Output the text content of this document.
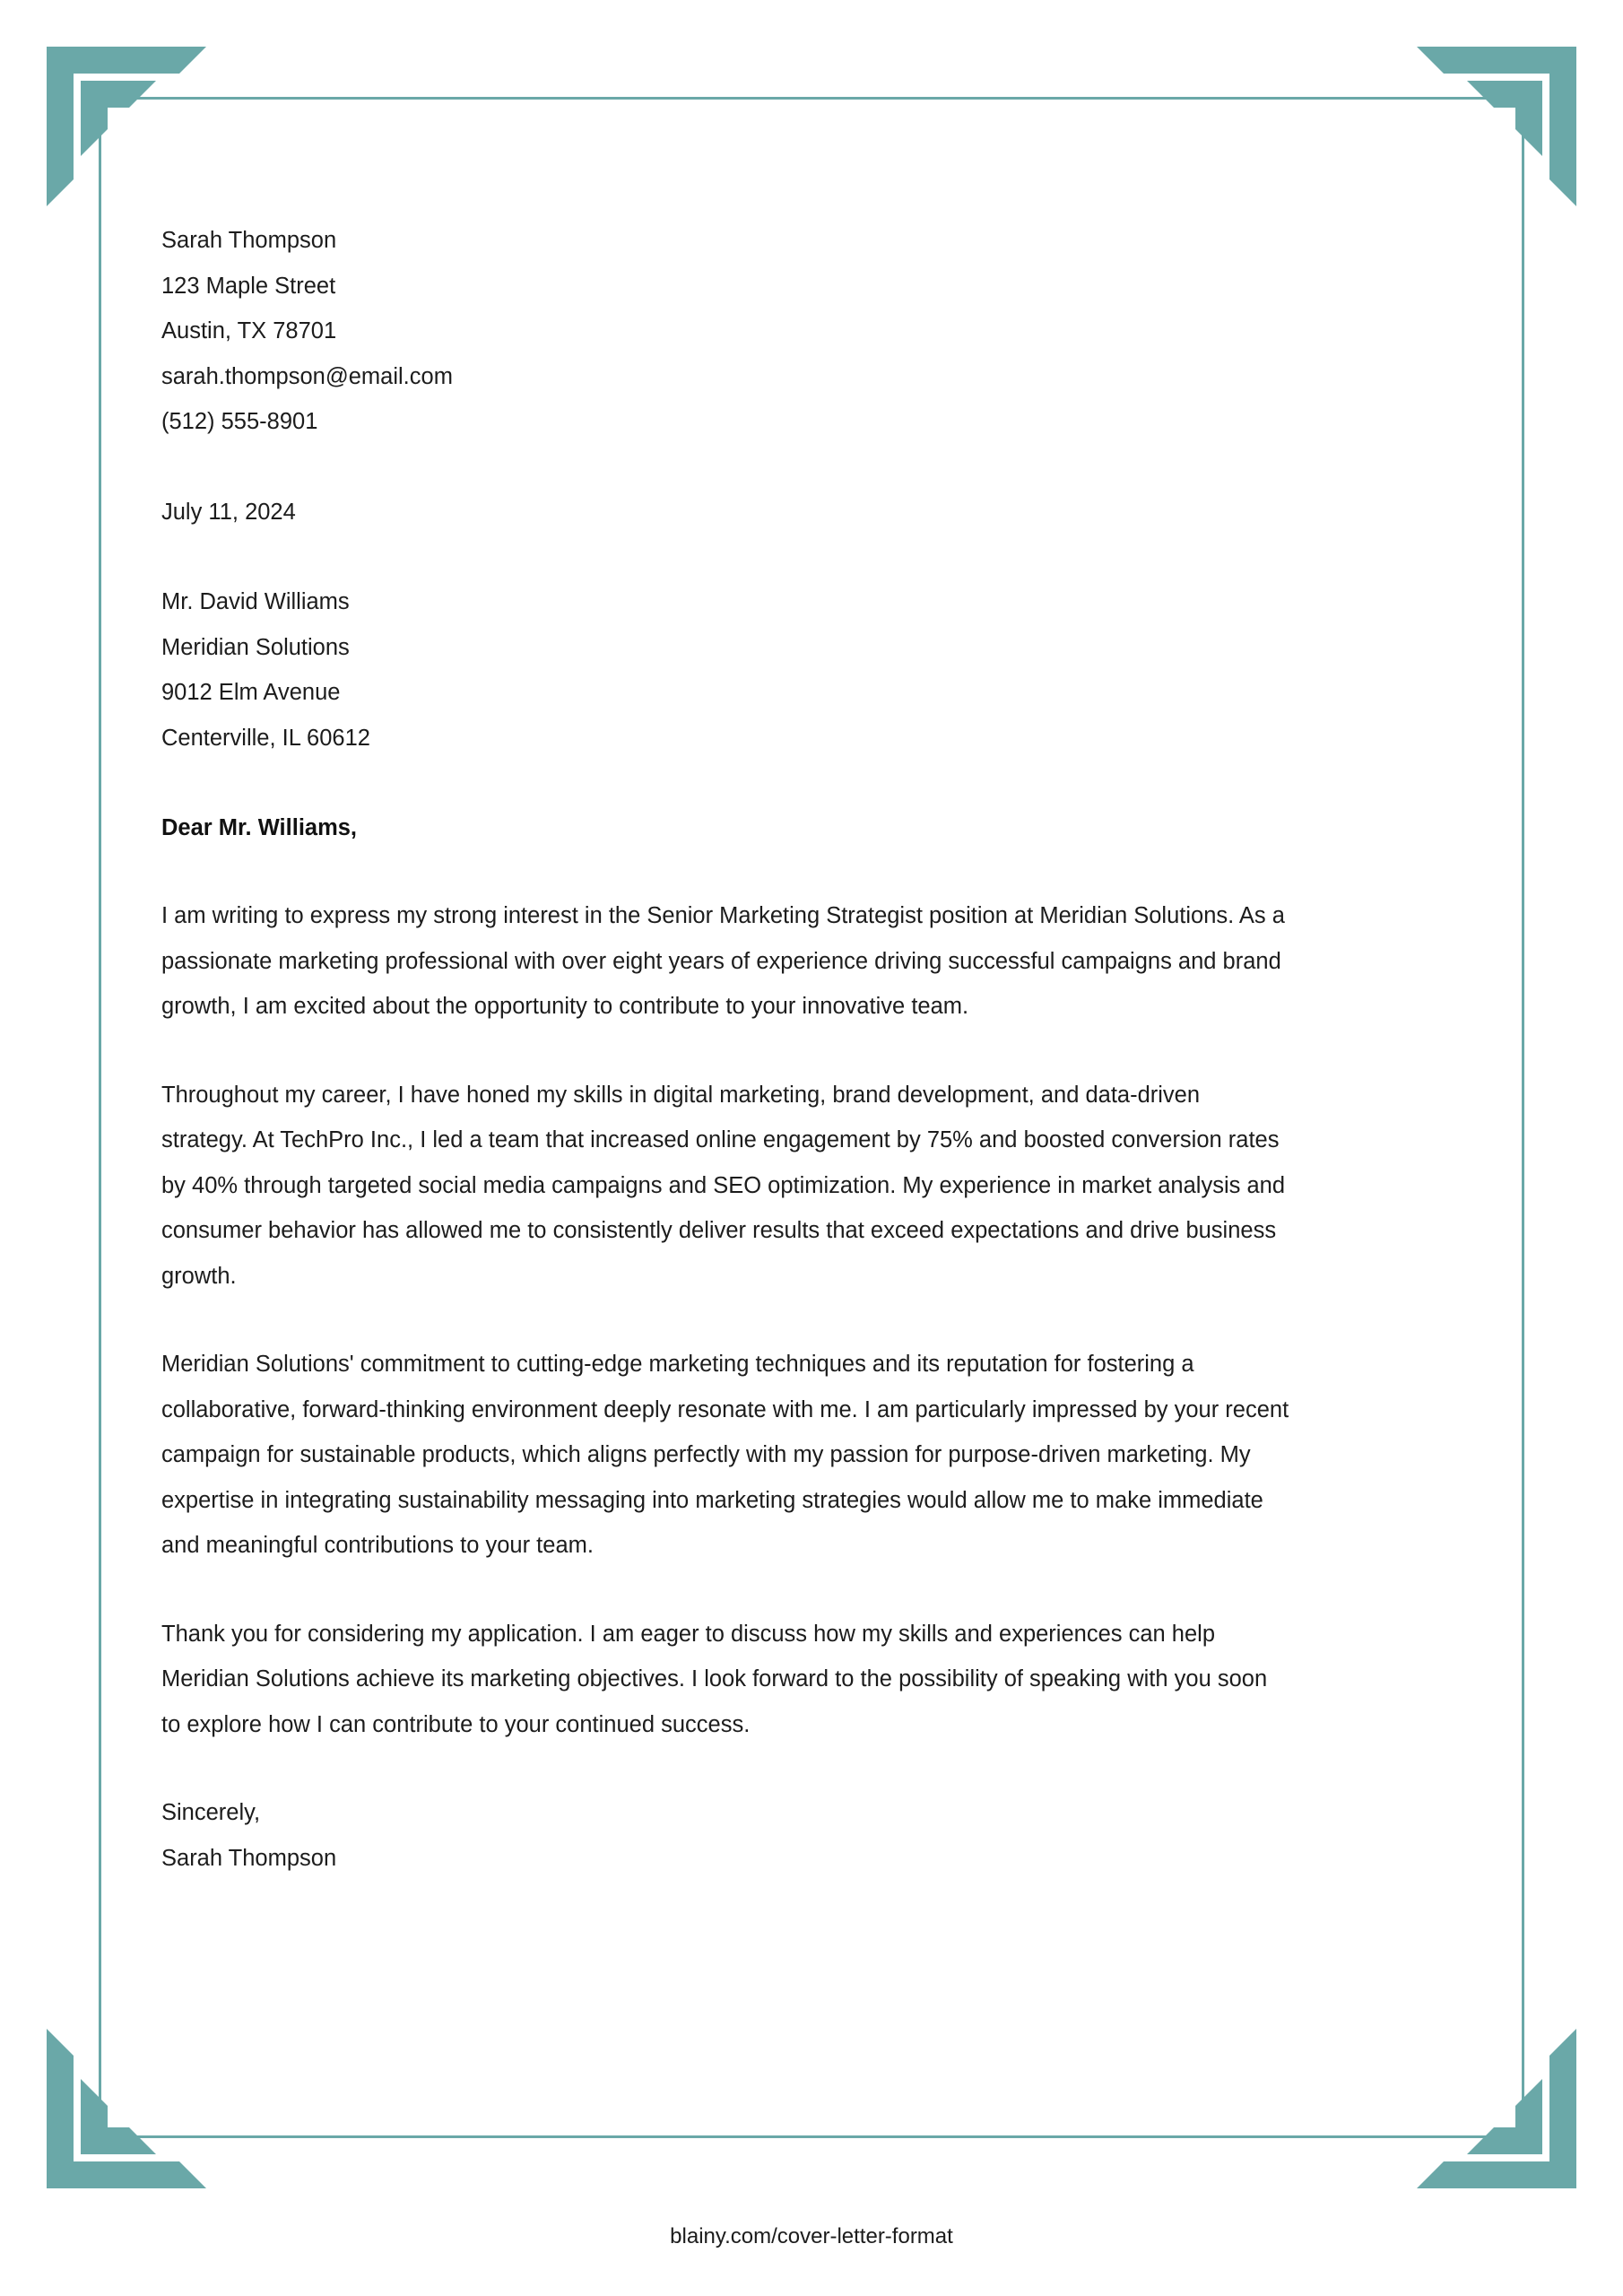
Sarah Thompson
123 Maple Street
Austin, TX 78701
sarah.thompson@email.com
(512) 555-8901
July 11, 2024
Mr. David Williams
Meridian Solutions
9012 Elm Avenue
Centerville, IL 60612
Dear Mr. Williams,
I am writing to express my strong interest in the Senior Marketing Strategist position at Meridian Solutions. As a passionate marketing professional with over eight years of experience driving successful campaigns and brand growth, I am excited about the opportunity to contribute to your innovative team.
Throughout my career, I have honed my skills in digital marketing, brand development, and data-driven strategy. At TechPro Inc., I led a team that increased online engagement by 75% and boosted conversion rates by 40% through targeted social media campaigns and SEO optimization. My experience in market analysis and consumer behavior has allowed me to consistently deliver results that exceed expectations and drive business growth.
Meridian Solutions' commitment to cutting-edge marketing techniques and its reputation for fostering a collaborative, forward-thinking environment deeply resonate with me. I am particularly impressed by your recent campaign for sustainable products, which aligns perfectly with my passion for purpose-driven marketing. My expertise in integrating sustainability messaging into marketing strategies would allow me to make immediate and meaningful contributions to your team.
Thank you for considering my application. I am eager to discuss how my skills and experiences can help Meridian Solutions achieve its marketing objectives. I look forward to the possibility of speaking with you soon to explore how I can contribute to your continued success.
Sincerely,
Sarah Thompson
blainy.com/cover-letter-format
